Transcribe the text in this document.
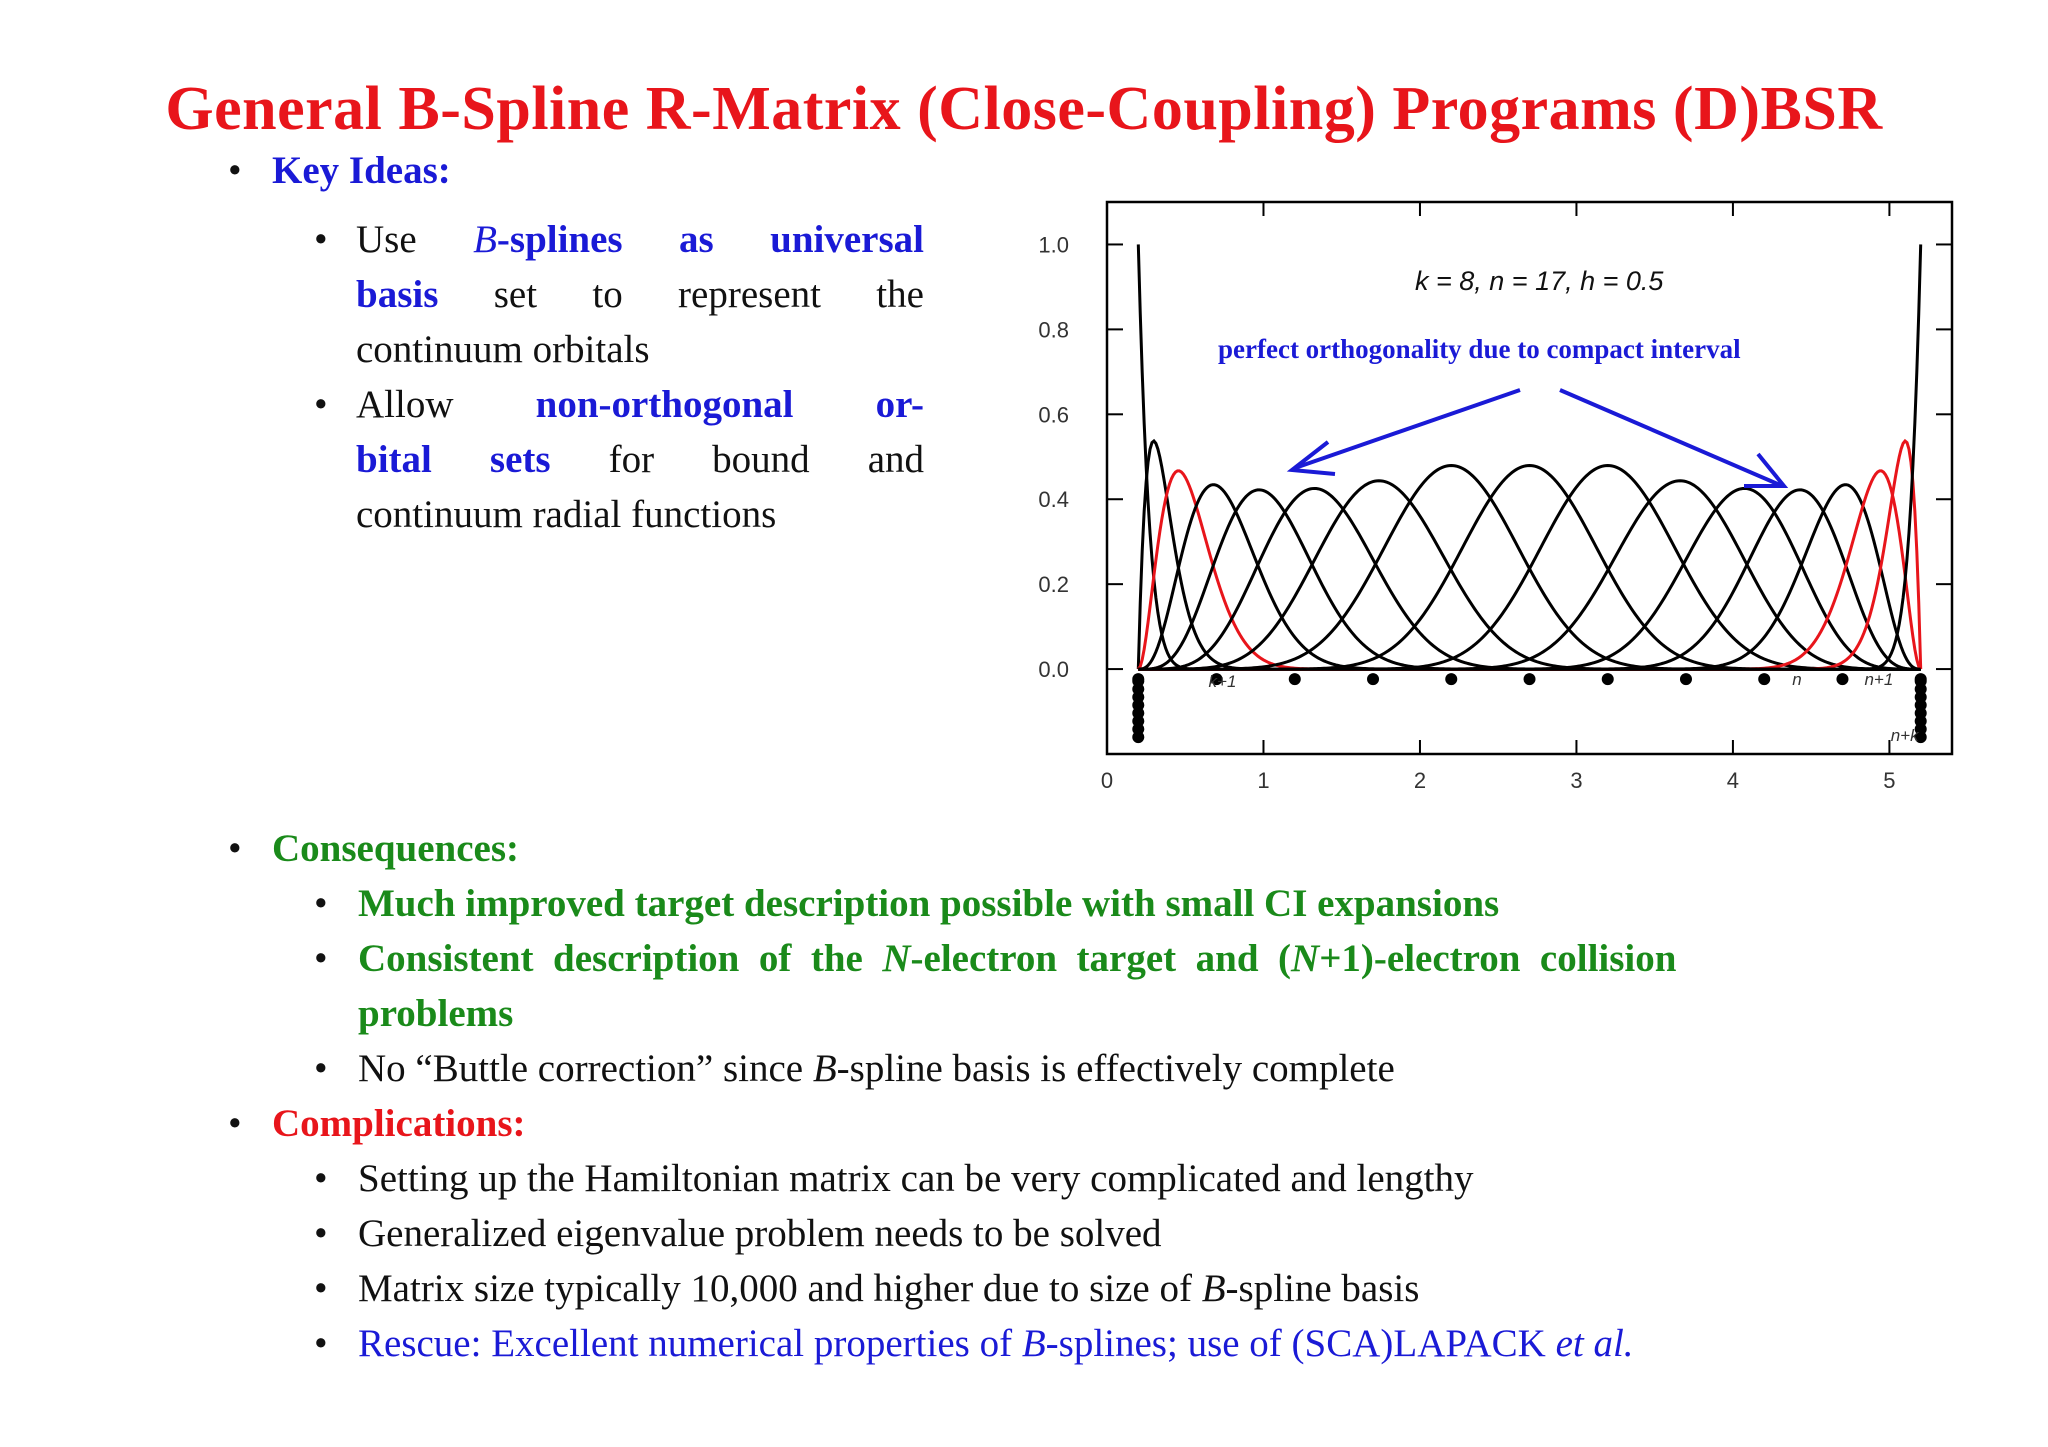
General B-Spline R-Matrix (Close-Coupling) Programs (D)BSR
• Key Ideas:
• Use B-splines as universal
basis set to represent the
continuum orbitals
• Allow non-orthogonal or-
bital sets for bound and
continuum radial functions
0	1	2	3	4	5
1.0
0.8
0.6
0.4
0.2
0.0	k+1	n	n+1
n+k
k = 8, n = 17, h = 0.5
perfect orthogonality due to compact interval
• Consequences:
• Much improved target description possible with small CI expansions
• Consistent  description  of  the  N-electron  target  and  (N+1)-electron  collision
problems
• No “Buttle correction” since B-spline basis is effectively complete
• Complications:
• Setting up the Hamiltonian matrix can be very complicated and lengthy
• Generalized eigenvalue problem needs to be solved
• Matrix size typically 10,000 and higher due to size of B-spline basis
• Rescue: Excellent numerical properties of B-splines; use of (SCA)LAPACK et al.
